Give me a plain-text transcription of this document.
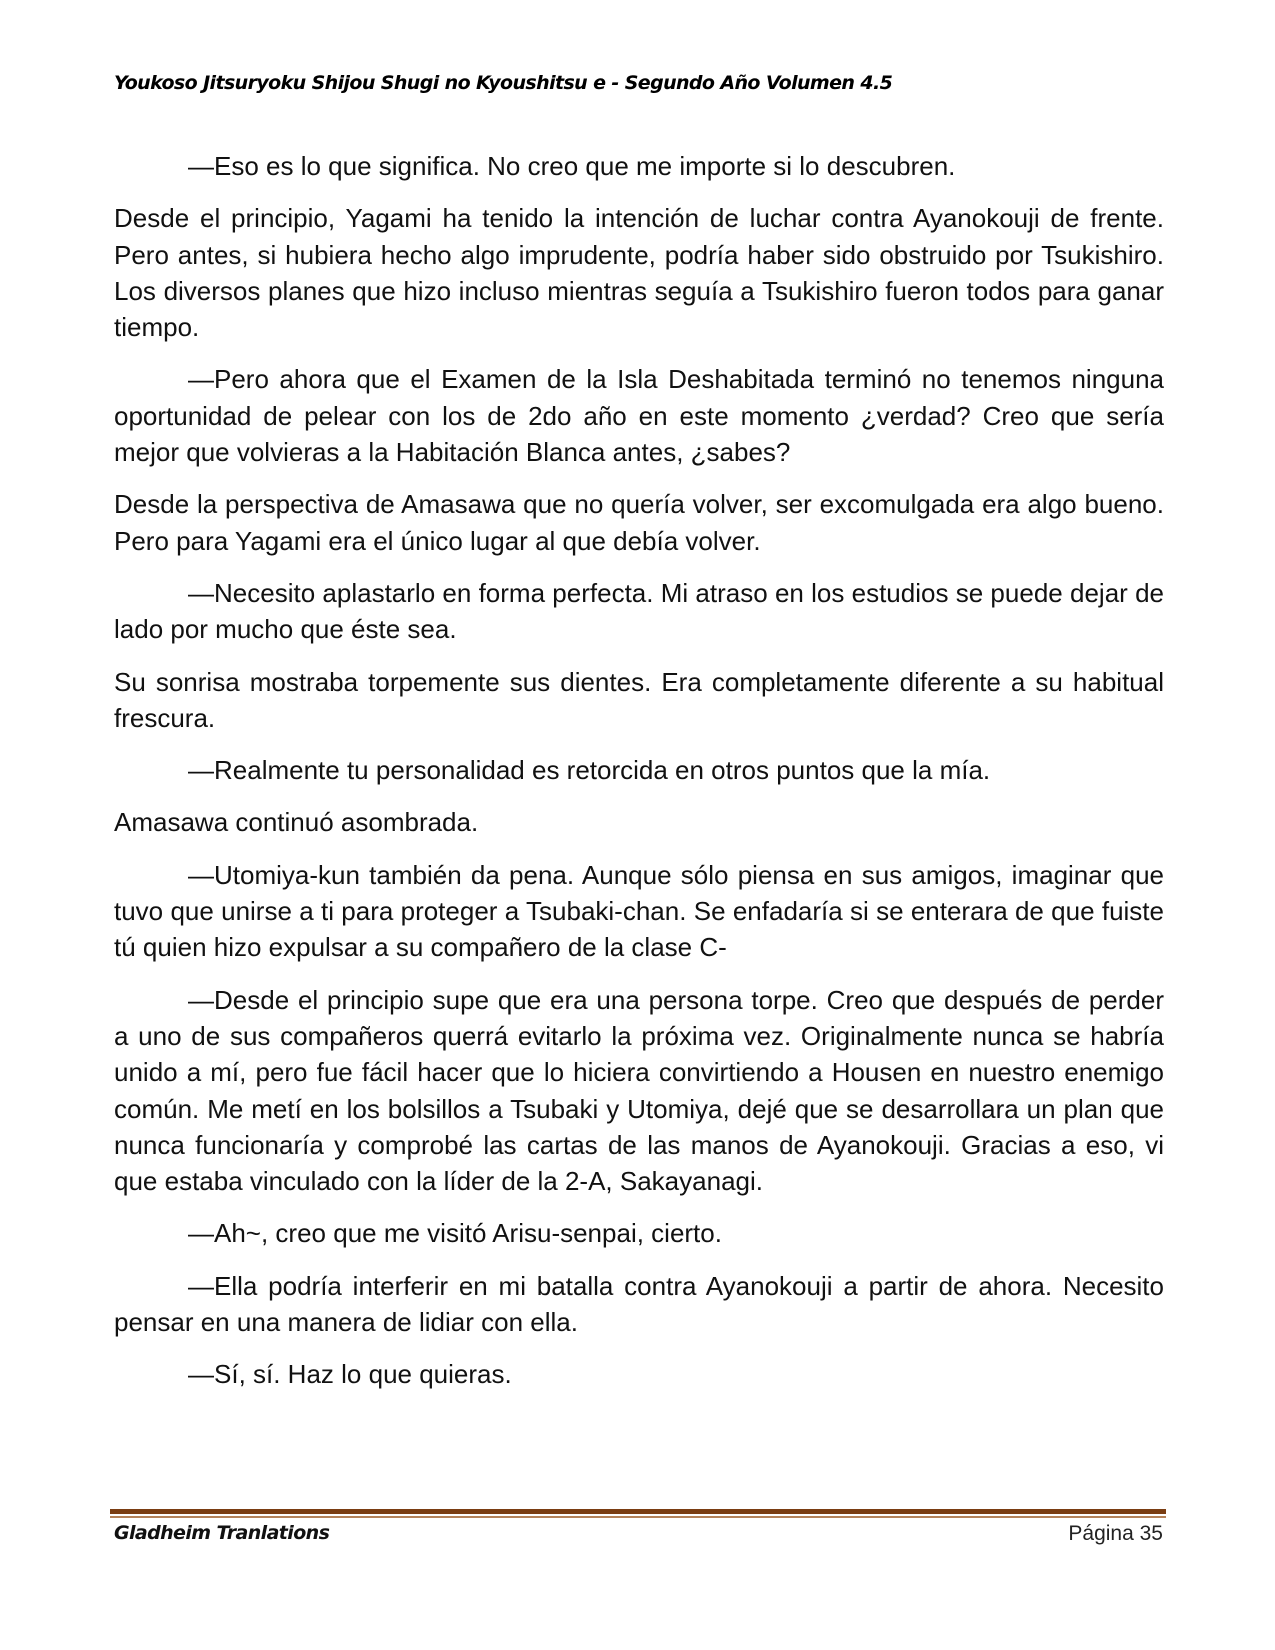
Youkoso Jitsuryoku Shijou Shugi no Kyoushitsu e - Segundo Año Volumen 4.5

—Eso es lo que significa. No creo que me importe si lo descubren.

Desde el principio, Yagami ha tenido la intención de luchar contra Ayanokouji de frente. Pero antes, si hubiera hecho algo imprudente, podría haber sido obstruido por Tsukishiro. Los diversos planes que hizo incluso mientras seguía a Tsukishiro fueron todos para ganar tiempo.

—Pero ahora que el Examen de la Isla Deshabitada terminó no tenemos ninguna oportunidad de pelear con los de 2do año en este momento ¿verdad? Creo que sería mejor que volvieras a la Habitación Blanca antes, ¿sabes?

Desde la perspectiva de Amasawa que no quería volver, ser excomulgada era algo bueno. Pero para Yagami era el único lugar al que debía volver.

—Necesito aplastarlo en forma perfecta. Mi atraso en los estudios se puede dejar de lado por mucho que éste sea.

Su sonrisa mostraba torpemente sus dientes. Era completamente diferente a su habitual frescura.

—Realmente tu personalidad es retorcida en otros puntos que la mía.

Amasawa continuó asombrada.

—Utomiya-kun también da pena. Aunque sólo piensa en sus amigos, imaginar que tuvo que unirse a ti para proteger a Tsubaki-chan. Se enfadaría si se enterara de que fuiste tú quien hizo expulsar a su compañero de la clase C-

—Desde el principio supe que era una persona torpe. Creo que después de perder a uno de sus compañeros querrá evitarlo la próxima vez. Originalmente nunca se habría unido a mí, pero fue fácil hacer que lo hiciera convirtiendo a Housen en nuestro enemigo común. Me metí en los bolsillos a Tsubaki y Utomiya, dejé que se desarrollara un plan que nunca funcionaría y comprobé las cartas de las manos de Ayanokouji. Gracias a eso, vi que estaba vinculado con la líder de la 2-A, Sakayanagi.

—Ah~, creo que me visitó Arisu-senpai, cierto.

—Ella podría interferir en mi batalla contra Ayanokouji a partir de ahora. Necesito pensar en una manera de lidiar con ella.

—Sí, sí. Haz lo que quieras.

Gladheim Tranlations	Página 35
